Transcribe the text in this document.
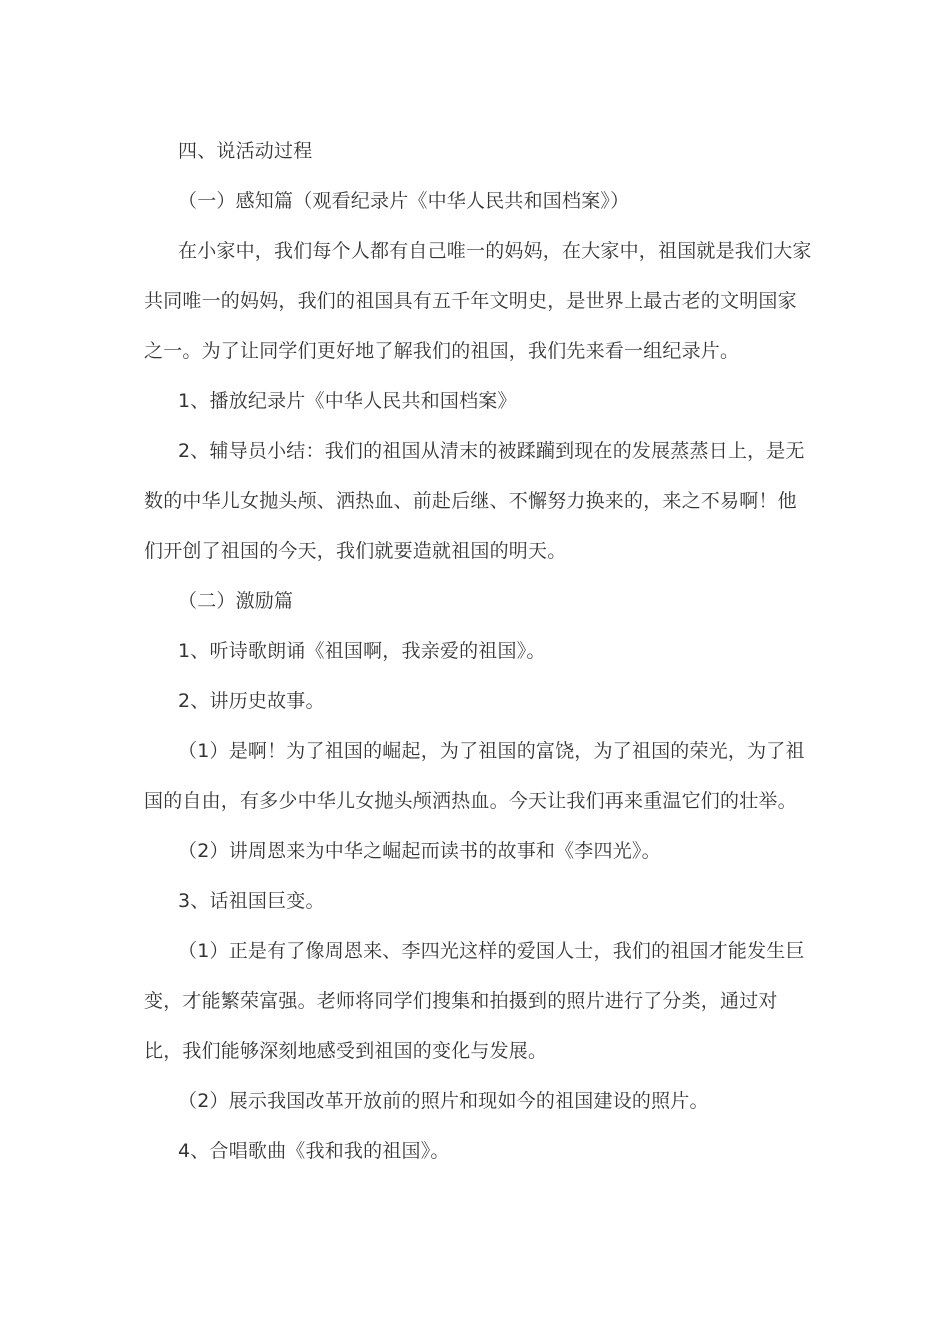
四、说活动过程

（一）感知篇（观看纪录片《中华人民共和国档案》）

在小家中，我们每个人都有自己唯一的妈妈，在大家中，祖国就是我们大家共同唯一的妈妈，我们的祖国具有五千年文明史，是世界上最古老的文明国家之一。为了让同学们更好地了解我们的祖国，我们先来看一组纪录片。

1、播放纪录片《中华人民共和国档案》

2、辅导员小结：我们的祖国从清末的被蹂躏到现在的发展蒸蒸日上，是无数的中华儿女抛头颅、洒热血、前赴后继、不懈努力换来的，来之不易啊！他们开创了祖国的今天，我们就要造就祖国的明天。

（二）激励篇

1、听诗歌朗诵《祖国啊，我亲爱的祖国》。

2、讲历史故事。

（1）是啊！为了祖国的崛起，为了祖国的富饶，为了祖国的荣光，为了祖国的自由，有多少中华儿女抛头颅洒热血。今天让我们再来重温它们的壮举。

（2）讲周恩来为中华之崛起而读书的故事和《李四光》。

3、话祖国巨变。

（1）正是有了像周恩来、李四光这样的爱国人士，我们的祖国才能发生巨变，才能繁荣富强。老师将同学们搜集和拍摄到的照片进行了分类，通过对比，我们能够深刻地感受到祖国的变化与发展。

（2）展示我国改革开放前的照片和现如今的祖国建设的照片。

4、合唱歌曲《我和我的祖国》。
